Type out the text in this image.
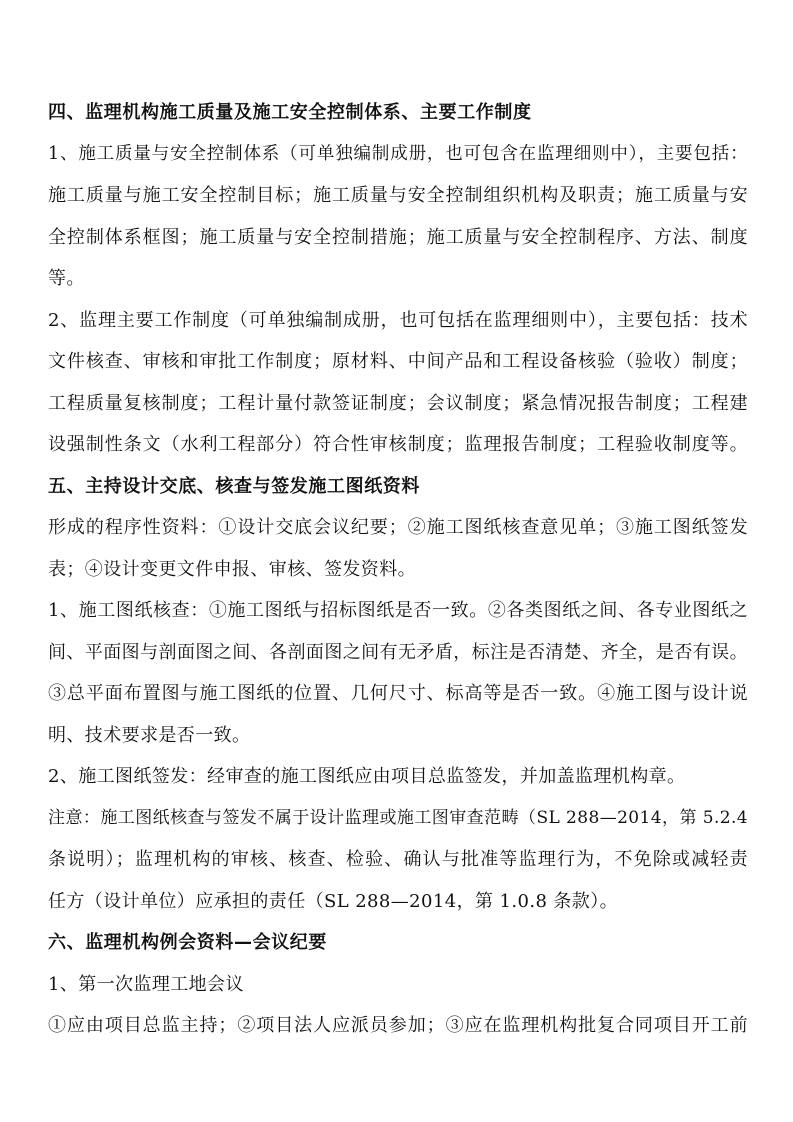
四、监理机构施工质量及施工安全控制体系、主要工作制度
1、施工质量与安全控制体系（可单独编制成册，也可包含在监理细则中），主要包括：
施工质量与施工安全控制目标；施工质量与安全控制组织机构及职责；施工质量与安
全控制体系框图；施工质量与安全控制措施；施工质量与安全控制程序、方法、制度
等。
2、监理主要工作制度（可单独编制成册，也可包括在监理细则中），主要包括：技术
文件核查、审核和审批工作制度；原材料、中间产品和工程设备核验（验收）制度；
工程质量复核制度；工程计量付款签证制度；会议制度；紧急情况报告制度；工程建
设强制性条文（水利工程部分）符合性审核制度；监理报告制度；工程验收制度等。
五、主持设计交底、核查与签发施工图纸资料
形成的程序性资料：①设计交底会议纪要；②施工图纸核查意见单；③施工图纸签发
表；④设计变更文件申报、审核、签发资料。
1、施工图纸核查：①施工图纸与招标图纸是否一致。②各类图纸之间、各专业图纸之
间、平面图与剖面图之间、各剖面图之间有无矛盾，标注是否清楚、齐全，是否有误。
③总平面布置图与施工图纸的位置、几何尺寸、标高等是否一致。④施工图与设计说
明、技术要求是否一致。
2、施工图纸签发：经审查的施工图纸应由项目总监签发，并加盖监理机构章。
注意：施工图纸核查与签发不属于设计监理或施工图审查范畴（SL 288—2014，第 5.2.4
条说明）；监理机构的审核、核查、检验、确认与批准等监理行为，不免除或减轻责
任方（设计单位）应承担的责任（SL 288—2014，第 1.0.8 条款）。
六、监理机构例会资料—会议纪要
1、第一次监理工地会议
①应由项目总监主持；②项目法人应派员参加；③应在监理机构批复合同项目开工前
